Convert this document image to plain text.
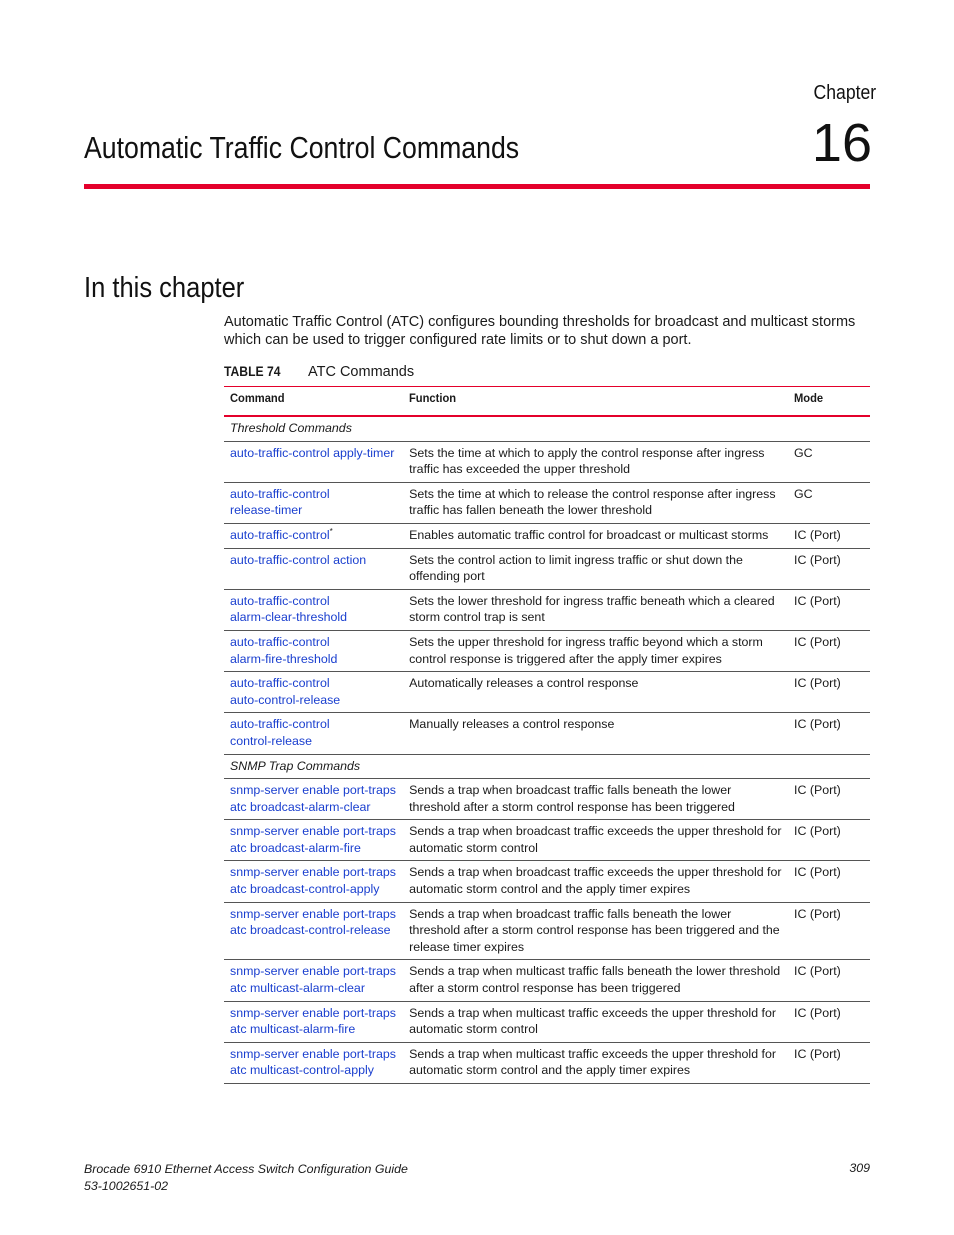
Chapter
16
Automatic Traffic Control Commands
In this chapter

Automatic Traffic Control (ATC) configures bounding thresholds for broadcast and multicast storms which can be used to trigger configured rate limits or to shut down a port.

TABLE 74 ATC Commands
Command	Function	Mode
Threshold Commands		
auto-traffic-control apply-timer	Sets the time at which to apply the control response after ingress traffic has exceeded the upper threshold	GC
auto-traffic-control
release-timer	Sets the time at which to release the control response after ingress traffic has fallen beneath the lower threshold	GC
auto-traffic-control*	Enables automatic traffic control for broadcast or multicast storms	IC (Port)
auto-traffic-control action	Sets the control action to limit ingress traffic or shut down the offending port	IC (Port)
auto-traffic-control
alarm-clear-threshold	Sets the lower threshold for ingress traffic beneath which a cleared storm control trap is sent	IC (Port)
auto-traffic-control
alarm-fire-threshold	Sets the upper threshold for ingress traffic beyond which a storm control response is triggered after the apply timer expires	IC (Port)
auto-traffic-control
auto-control-release	Automatically releases a control response	IC (Port)
auto-traffic-control
control-release	Manually releases a control response	IC (Port)
SNMP Trap Commands		
snmp-server enable port-traps
atc broadcast-alarm-clear	Sends a trap when broadcast traffic falls beneath the lower threshold after a storm control response has been triggered	IC (Port)
snmp-server enable port-traps
atc broadcast-alarm-fire	Sends a trap when broadcast traffic exceeds the upper threshold for automatic storm control	IC (Port)
snmp-server enable port-traps
atc broadcast-control-apply	Sends a trap when broadcast traffic exceeds the upper threshold for automatic storm control and the apply timer expires	IC (Port)
snmp-server enable port-traps
atc broadcast-control-release	Sends a trap when broadcast traffic falls beneath the lower threshold after a storm control response has been triggered and the release timer expires	IC (Port)
snmp-server enable port-traps
atc multicast-alarm-clear	Sends a trap when multicast traffic falls beneath the lower threshold after a storm control response has been triggered	IC (Port)
snmp-server enable port-traps
atc multicast-alarm-fire	Sends a trap when multicast traffic exceeds the upper threshold for automatic storm control	IC (Port)
snmp-server enable port-traps
atc multicast-control-apply	Sends a trap when multicast traffic exceeds the upper threshold for automatic storm control and the apply timer expires	IC (Port)
Brocade 6910 Ethernet Access Switch Configuration Guide
53-1002651-02
309
